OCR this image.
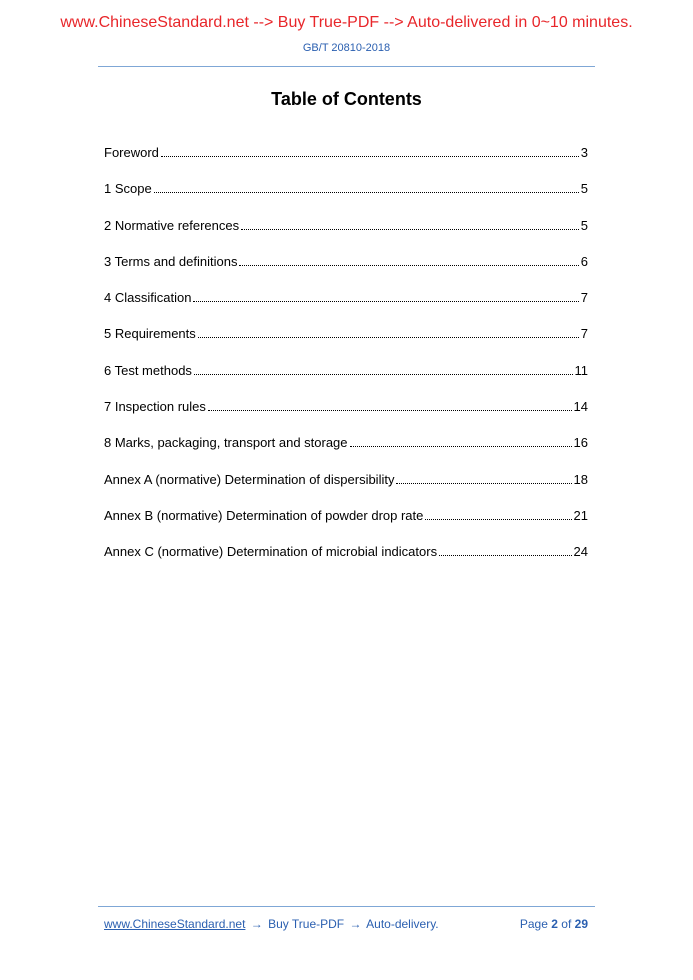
www.ChineseStandard.net --> Buy True-PDF --> Auto-delivered in 0~10 minutes.
GB/T 20810-2018
Table of Contents
Foreword	3
1 Scope	5
2 Normative references	5
3 Terms and definitions	6
4 Classification	7
5 Requirements	7
6 Test methods	11
7 Inspection rules	14
8 Marks, packaging, transport and storage	16
Annex A (normative) Determination of dispersibility	18
Annex B (normative) Determination of powder drop rate	21
Annex C (normative) Determination of microbial indicators	24
www.ChineseStandard.net → Buy True-PDF → Auto-delivery.	Page 2 of 29
